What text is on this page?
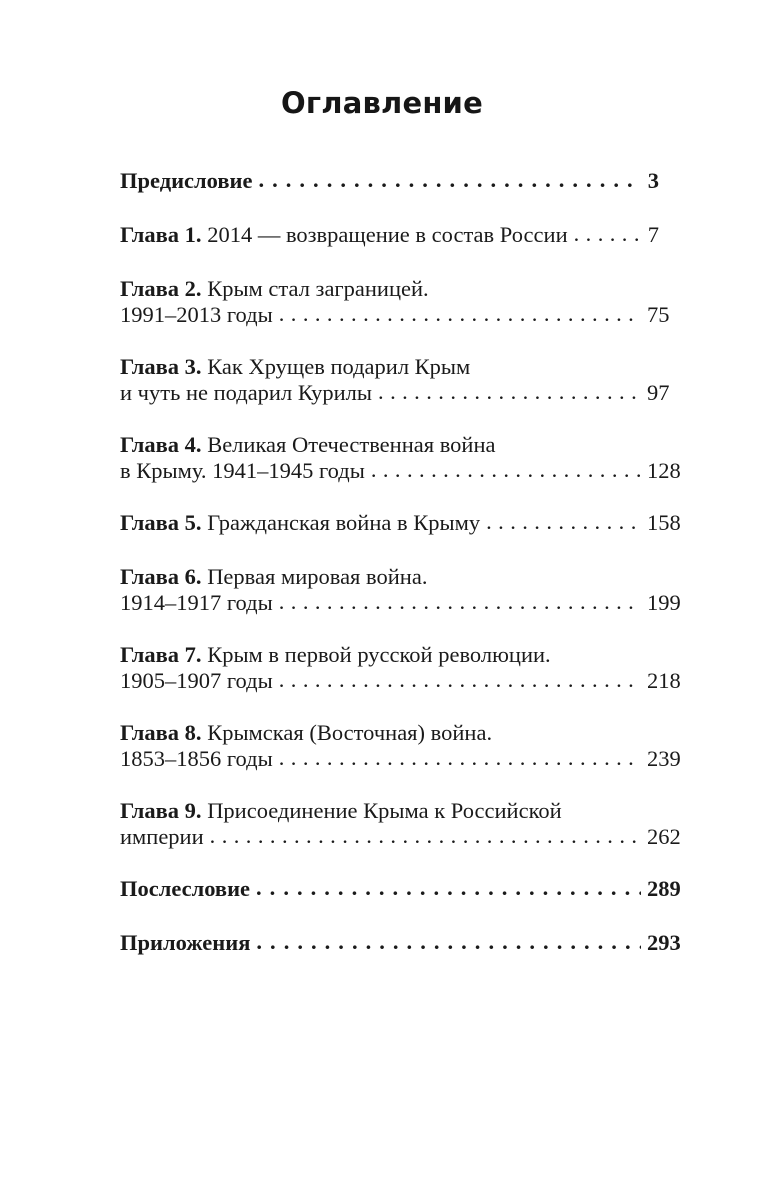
Оглавление
Предисловие . . .	3
Глава 1. 2014 — возвращение в состав России . . .	7
Глава 2. Крым стал заграницей.
1991–2013 годы . . .	75
Глава 3. Как Хрущев подарил Крым
и чуть не подарил Курилы . . .	97
Глава 4. Великая Отечественная война
в Крыму. 1941–1945 годы . . .	128
Глава 5. Гражданская война в Крыму . . .	158
Глава 6. Первая мировая война.
1914–1917 годы . . .	199
Глава 7. Крым в первой русской революции.
1905–1907 годы . . .	218
Глава 8. Крымская (Восточная) война.
1853–1856 годы . . .	239
Глава 9. Присоединение Крыма к Российской
империи . . .	262
Послесловие . . .	289
Приложения . . .	293
